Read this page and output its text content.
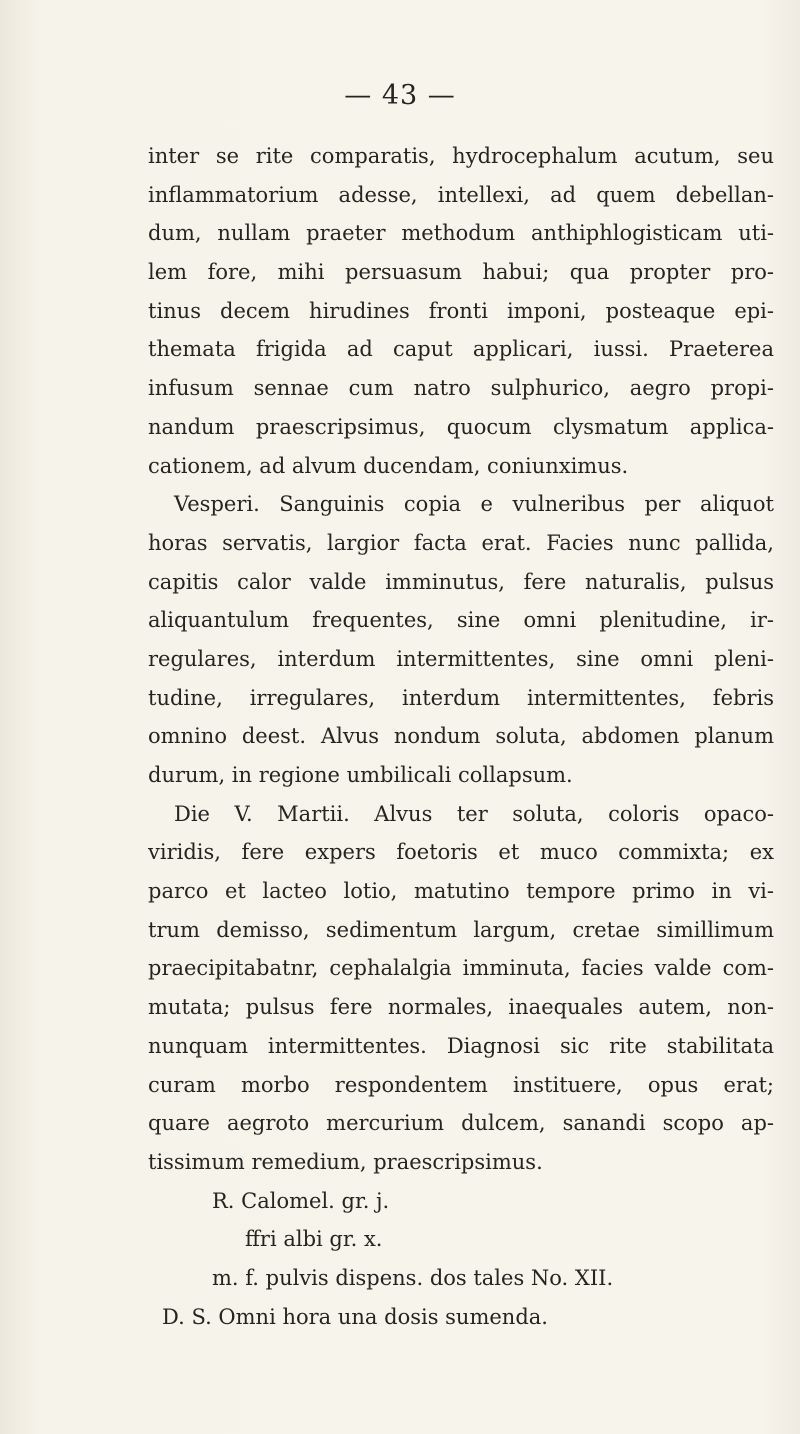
— 43 —
inter se rite comparatis, hydrocephalum acutum, seu
inflammatorium adesse, intellexi, ad quem debellan-
dum, nullam praeter methodum anthiphlogisticam uti-
lem fore, mihi persuasum habui; qua propter pro-
tinus decem hirudines fronti imponi, posteaque epi-
themata frigida ad caput applicari, iussi. Praeterea
infusum sennae cum natro sulphurico, aegro propi-
nandum praescripsimus, quocum clysmatum applica-
cationem, ad alvum ducendam, coniunximus.
Vesperi. Sanguinis copia e vulneribus per aliquot
horas servatis, largior facta erat. Facies nunc pallida,
capitis calor valde imminutus, fere naturalis, pulsus
aliquantulum frequentes, sine omni plenitudine, ir-
regulares, interdum intermittentes, sine omni pleni-
tudine, irregulares, interdum intermittentes, febris
omnino deest. Alvus nondum soluta, abdomen planum
durum, in regione umbilicali collapsum.
Die V. Martii. Alvus ter soluta, coloris opaco-
viridis, fere expers foetoris et muco commixta; ex
parco et lacteo lotio, matutino tempore primo in vi-
trum demisso, sedimentum largum, cretae simillimum
praecipitabatnr, cephalalgia imminuta, facies valde com-
mutata; pulsus fere normales, inaequales autem, non-
nunquam intermittentes. Diagnosi sic rite stabilitata
curam morbo respondentem instituere, opus erat;
quare aegroto mercurium dulcem, sanandi scopo ap-
tissimum remedium, praescripsimus.
R. Calomel. gr. j.
ffri albi gr. x.
m. f. pulvis dispens. dos tales No. XII.
D. S. Omni hora una dosis sumenda.
